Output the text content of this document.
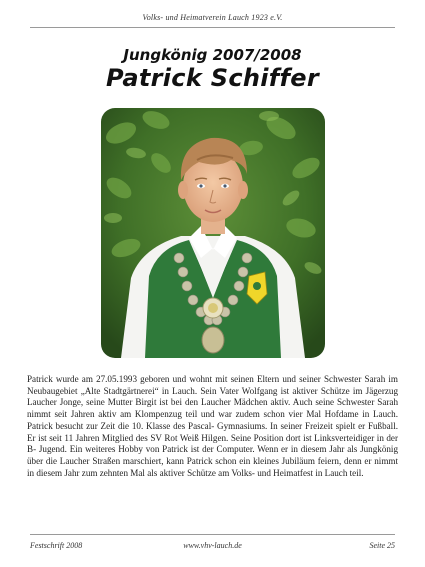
Volks- und Heimatverein Lauch 1923 e.V.
Jungkönig 2007/2008
Patrick Schiffer

Patrick wurde am 27.05.1993 geboren und wohnt mit seinen Eltern und seiner Schwester Sarah im Neubaugebiet „Alte Stadtgärtnerei“ in Lauch. Sein Vater Wolfgang ist aktiver Schütze im Jägerzug Laucher Jonge, seine Mutter Birgit ist bei den Laucher Mädchen aktiv. Auch seine Schwester Sarah nimmt seit Jahren aktiv am Klompenzug teil und war zudem schon vier Mal Hofdame in Lauch. Patrick besucht zur Zeit die 10. Klasse des Pascal- Gymnasiums. In seiner Freizeit spielt er Fußball. Er ist seit 11 Jahren Mitglied des SV Rot Weiß Hilgen. Seine Position dort ist Linksverteidiger in der B- Jugend. Ein weiteres Hobby von Patrick ist der Computer. Wenn er in diesem Jahr als Jungkönig über die Laucher Straßen marschiert, kann Patrick schon ein kleines Jubiläum feiern, denn er nimmt in diesem Jahr zum zehnten Mal als aktiver Schütze am Volks- und Heimatfest in Lauch teil.

Festschrift 2008	www.vhv-lauch.de	Seite 25
